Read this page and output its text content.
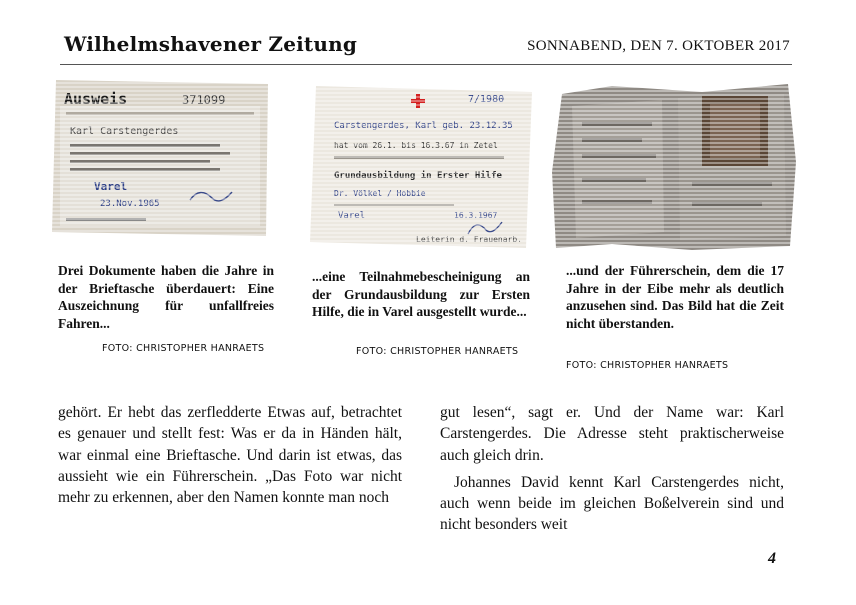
Wilhelmshavener Zeitung	SONNABEND, DEN 7. OKTOBER 2017
Drei Dokumente haben die Jahre in der Brieftasche überdauert: Eine Auszeichnung für unfallfreies Fahren...
FOTO: CHRISTOPHER HANRAETS
...eine Teilnahmebescheinigung an der Grundausbildung zur Ersten Hilfe, die in Varel ausgestellt wurde...
FOTO: CHRISTOPHER HANRAETS
...und der Führerschein, dem die 17 Jahre in der Eibe mehr als deutlich anzusehen sind. Das Bild hat die Zeit nicht überstanden.
FOTO: CHRISTOPHER HANRAETS

gehört. Er hebt das zerfledderte Etwas auf, betrachtet es genauer und stellt fest: Was er da in Händen hält, war einmal eine Brieftasche. Und darin ist etwas, das aussieht wie ein Führerschein. „Das Foto war nicht mehr zu erkennen, aber den Namen konnte man noch

gut lesen“, sagt er. Und der Name war: Karl Carstengerdes. Die Adresse steht praktischerweise auch gleich drin.

Johannes David kennt Karl Carstengerdes nicht, auch wenn beide im gleichen Boßelverein sind und nicht besonders weit

4
